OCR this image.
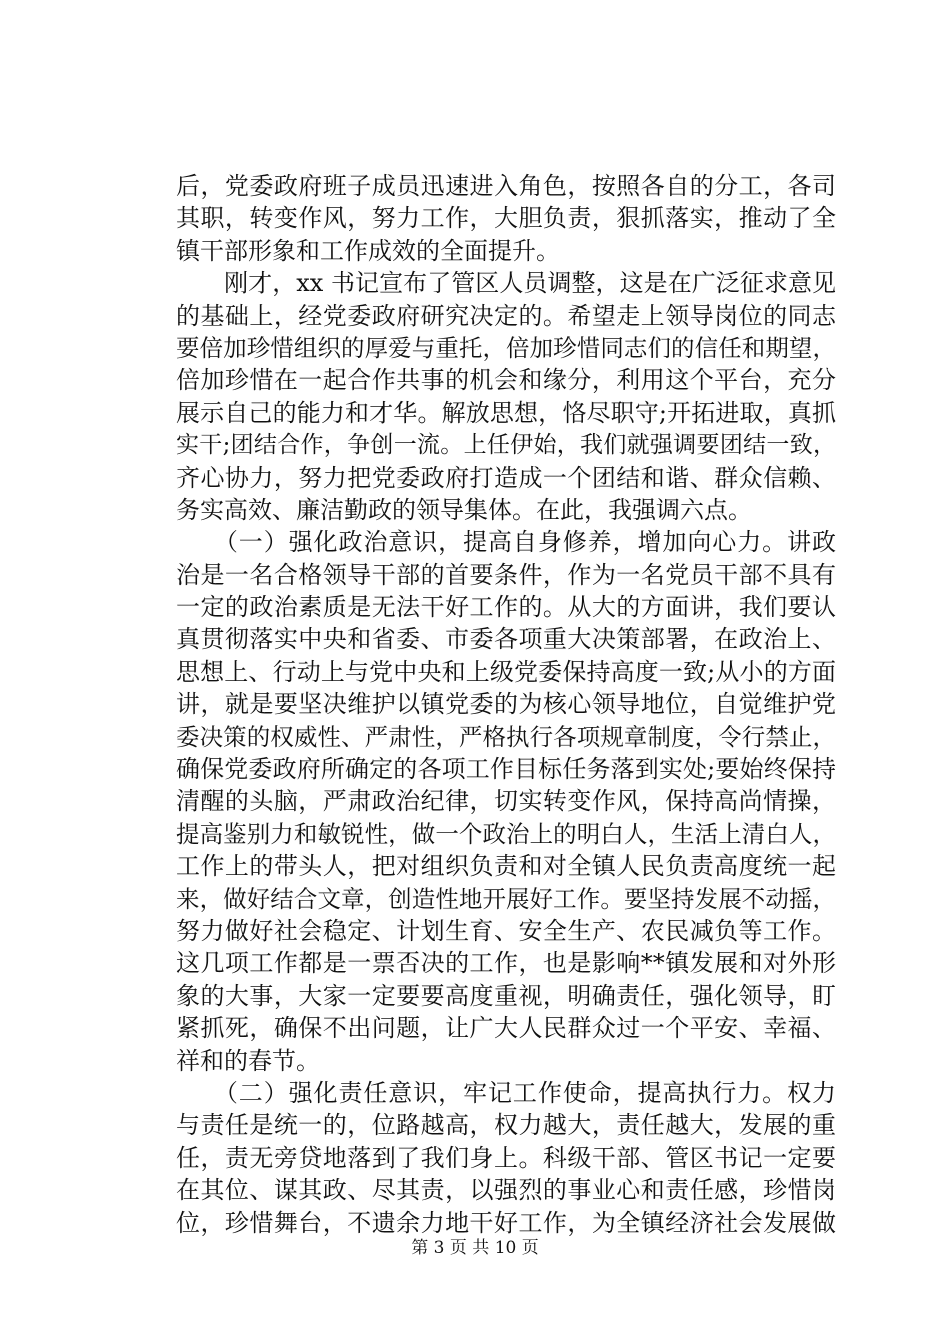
后，党委政府班子成员迅速进入角色，按照各自的分工，各司
其职，转变作风，努力工作，大胆负责，狠抓落实，推动了全
镇干部形象和工作成效的全面提升。
　　刚才，xx 书记宣布了管区人员调整，这是在广泛征求意见
的基础上，经党委政府研究决定的。希望走上领导岗位的同志
要倍加珍惜组织的厚爱与重托，倍加珍惜同志们的信任和期望，
倍加珍惜在一起合作共事的机会和缘分，利用这个平台，充分
展示自己的能力和才华。解放思想，恪尽职守;开拓进取，真抓
实干;团结合作，争创一流。上任伊始，我们就强调要团结一致，
齐心协力，努力把党委政府打造成一个团结和谐、群众信赖、
务实高效、廉洁勤政的领导集体。在此，我强调六点。
　　（一）强化政治意识，提高自身修养，增加向心力。讲政
治是一名合格领导干部的首要条件，作为一名党员干部不具有
一定的政治素质是无法干好工作的。从大的方面讲，我们要认
真贯彻落实中央和省委、市委各项重大决策部署，在政治上、
思想上、行动上与党中央和上级党委保持高度一致;从小的方面
讲，就是要坚决维护以镇党委的为核心领导地位，自觉维护党
委决策的权威性、严肃性，严格执行各项规章制度，令行禁止，
确保党委政府所确定的各项工作目标任务落到实处;要始终保持
清醒的头脑，严肃政治纪律，切实转变作风，保持高尚情操，
提高鉴别力和敏锐性，做一个政治上的明白人，生活上清白人，
工作上的带头人，把对组织负责和对全镇人民负责高度统一起
来，做好结合文章，创造性地开展好工作。要坚持发展不动摇，
努力做好社会稳定、计划生育、安全生产、农民减负等工作。
这几项工作都是一票否决的工作，也是影响**镇发展和对外形
象的大事，大家一定要要高度重视，明确责任，强化领导，盯
紧抓死，确保不出问题，让广大人民群众过一个平安、幸福、
祥和的春节。
　　（二）强化责任意识，牢记工作使命，提高执行力。权力
与责任是统一的，位路越高，权力越大，责任越大，发展的重
任，责无旁贷地落到了我们身上。科级干部、管区书记一定要
在其位、谋其政、尽其责，以强烈的事业心和责任感，珍惜岗
位，珍惜舞台，不遗余力地干好工作，为全镇经济社会发展做
第 3 页 共 10 页
